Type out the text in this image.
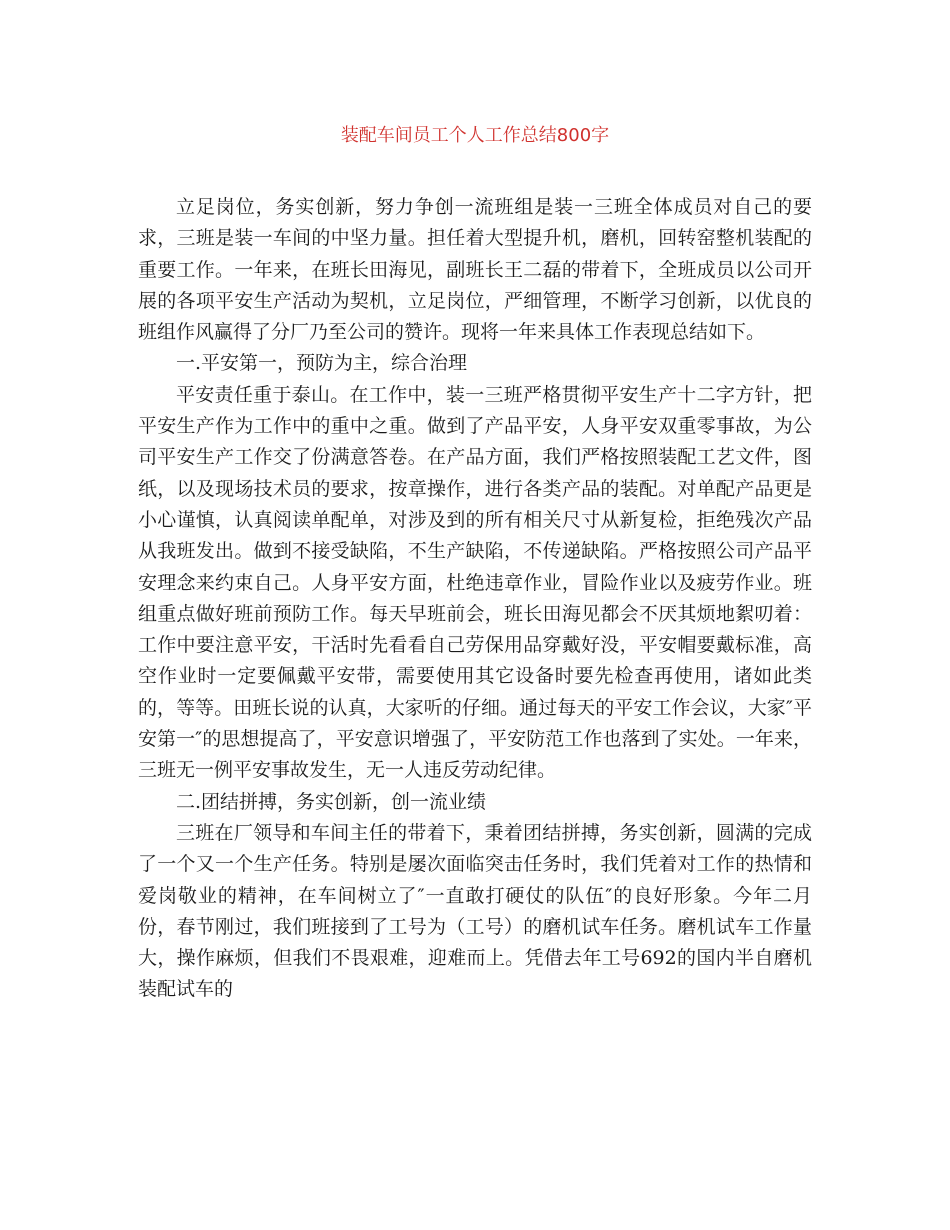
装配车间员工个人工作总结800字

立足岗位，务实创新，努力争创一流班组是装一三班全体成员对自己的要求，三班是装一车间的中坚力量。担任着大型提升机，磨机，回转窑整机装配的重要工作。一年来，在班长田海见，副班长王二磊的带着下，全班成员以公司开展的各项平安生产活动为契机，立足岗位，严细管理，不断学习创新，以优良的班组作风赢得了分厂乃至公司的赞许。现将一年来具体工作表现总结如下。

一.平安第一，预防为主，综合治理

平安责任重于泰山。在工作中，装一三班严格贯彻平安生产十二字方针，把平安生产作为工作中的重中之重。做到了产品平安，人身平安双重零事故，为公司平安生产工作交了份满意答卷。在产品方面，我们严格按照装配工艺文件，图纸，以及现场技术员的要求，按章操作，进行各类产品的装配。对单配产品更是小心谨慎，认真阅读单配单，对涉及到的所有相关尺寸从新复检，拒绝残次产品从我班发出。做到不接受缺陷，不生产缺陷，不传递缺陷。严格按照公司产品平安理念来约束自己。人身平安方面，杜绝违章作业，冒险作业以及疲劳作业。班组重点做好班前预防工作。每天早班前会，班长田海见都会不厌其烦地絮叨着：工作中要注意平安，干活时先看看自己劳保用品穿戴好没，平安帽要戴标准，高空作业时一定要佩戴平安带，需要使用其它设备时要先检查再使用，诸如此类的，等等。田班长说的认真，大家听的仔细。通过每天的平安工作会议，大家″平安第一″的思想提高了，平安意识增强了，平安防范工作也落到了实处。一年来，三班无一例平安事故发生，无一人违反劳动纪律。

二.团结拼搏，务实创新，创一流业绩

三班在厂领导和车间主任的带着下，秉着团结拼搏，务实创新，圆满的完成了一个又一个生产任务。特别是屡次面临突击任务时，我们凭着对工作的热情和爱岗敬业的精神，在车间树立了″一直敢打硬仗的队伍″的良好形象。今年二月份，春节刚过，我们班接到了工号为（工号）的磨机试车任务。磨机试车工作量大，操作麻烦，但我们不畏艰难，迎难而上。凭借去年工号692的国内半自磨机装配试车的
